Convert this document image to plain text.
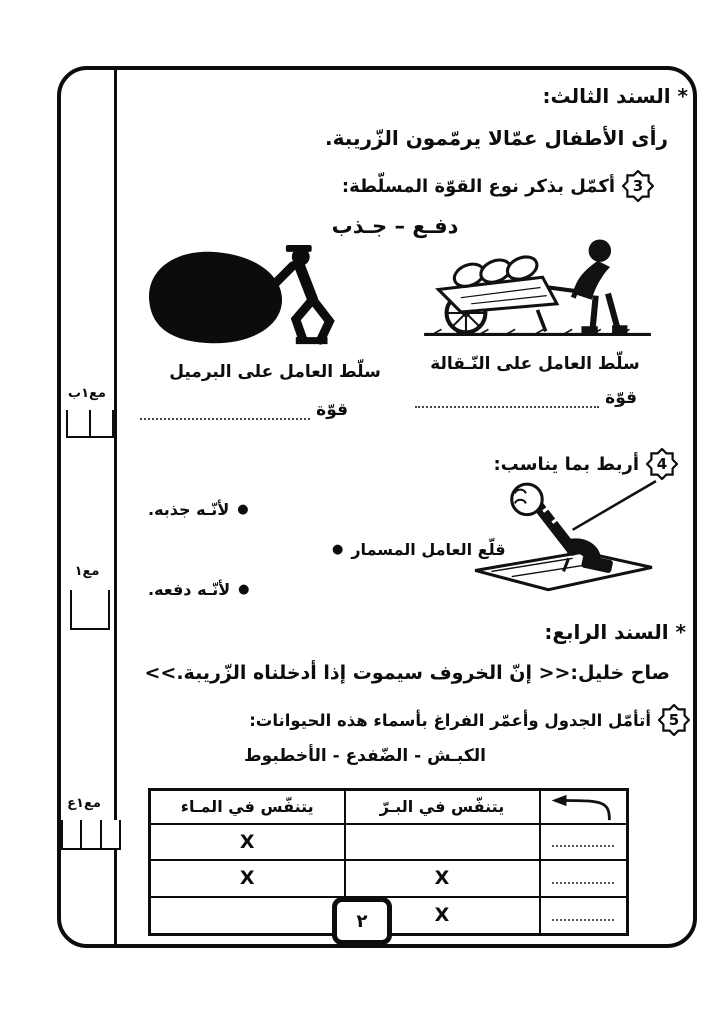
مع١ب
مع١
مع١ع
* السند الثالث:
رأى الأطفال عمّالا يرمّمون الزّريبة.
3
أكمّل بذكر نوع القوّة المسلّطة:
دفـع – جـذب
سلّط العامل على النّـقالة
قوّة
سلّط العامل على البرميل
قوّة
4
أربط بما يناسب:
قلّع العامل المسمار
●
●
لأنّـه جذبه.
●
لأنّـه دفعه.
* السند الرابع:
صاح خليل:<< إنّ الخروف سيموت إذا أدخلناه الزّريبة.>>
5
أتأمّل الجدول وأعمّر الفراغ بأسماء هذه الحيوانات:
الكبـش - الضّفدع - الأخطبوط
	يتنفّس في البـرّ	يتنفّس في المـاء
		X
	X	X
	X	
٢
